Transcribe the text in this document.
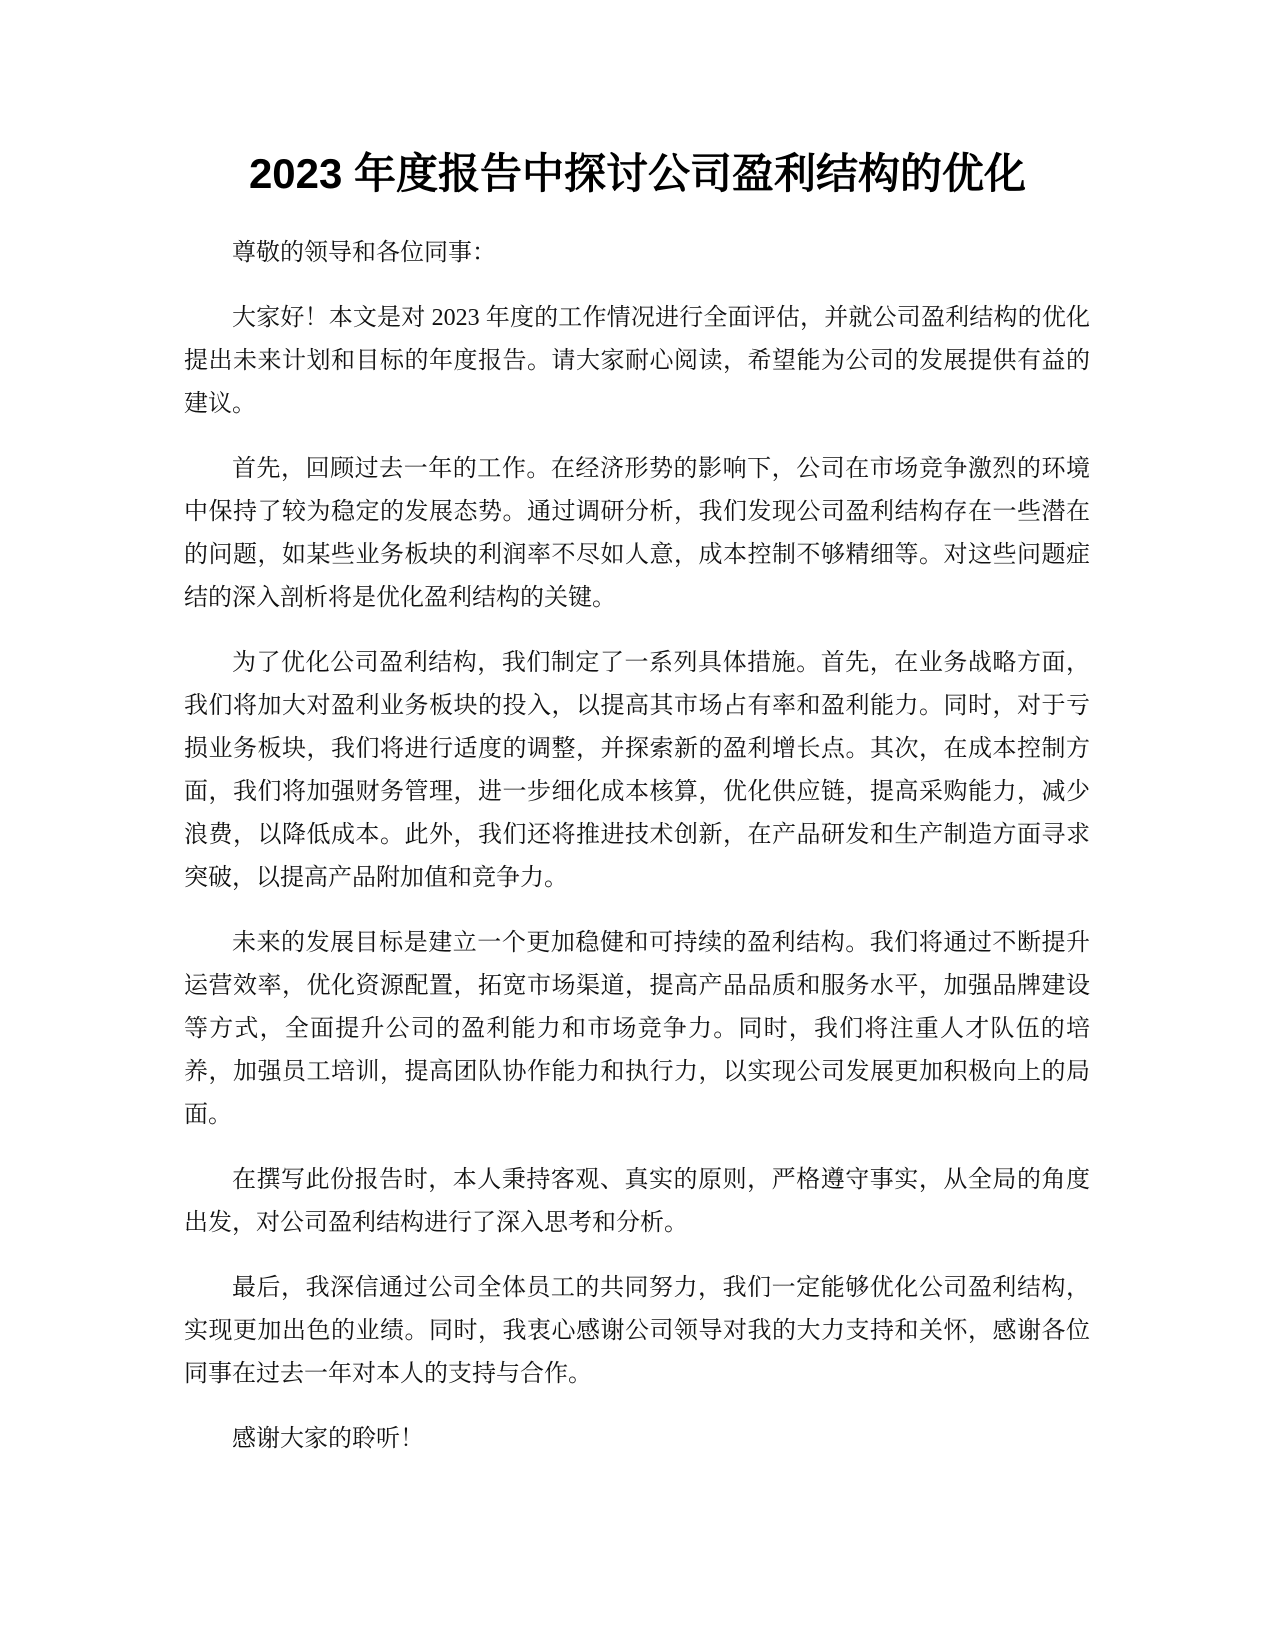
2023 年度报告中探讨公司盈利结构的优化

尊敬的领导和各位同事：

大家好！本文是对 2023 年度的工作情况进行全面评估，并就公司盈利结构的优化提出未来计划和目标的年度报告。请大家耐心阅读，希望能为公司的发展提供有益的建议。

首先，回顾过去一年的工作。在经济形势的影响下，公司在市场竞争激烈的环境中保持了较为稳定的发展态势。通过调研分析，我们发现公司盈利结构存在一些潜在的问题，如某些业务板块的利润率不尽如人意，成本控制不够精细等。对这些问题症结的深入剖析将是优化盈利结构的关键。

为了优化公司盈利结构，我们制定了一系列具体措施。首先，在业务战略方面，我们将加大对盈利业务板块的投入，以提高其市场占有率和盈利能力。同时，对于亏损业务板块，我们将进行适度的调整，并探索新的盈利增长点。其次，在成本控制方面，我们将加强财务管理，进一步细化成本核算，优化供应链，提高采购能力，减少浪费，以降低成本。此外，我们还将推进技术创新，在产品研发和生产制造方面寻求突破，以提高产品附加值和竞争力。

未来的发展目标是建立一个更加稳健和可持续的盈利结构。我们将通过不断提升运营效率，优化资源配置，拓宽市场渠道，提高产品品质和服务水平，加强品牌建设等方式，全面提升公司的盈利能力和市场竞争力。同时，我们将注重人才队伍的培养，加强员工培训，提高团队协作能力和执行力，以实现公司发展更加积极向上的局面。

在撰写此份报告时，本人秉持客观、真实的原则，严格遵守事实，从全局的角度出发，对公司盈利结构进行了深入思考和分析。

最后，我深信通过公司全体员工的共同努力，我们一定能够优化公司盈利结构，实现更加出色的业绩。同时，我衷心感谢公司领导对我的大力支持和关怀，感谢各位同事在过去一年对本人的支持与合作。

感谢大家的聆听！
